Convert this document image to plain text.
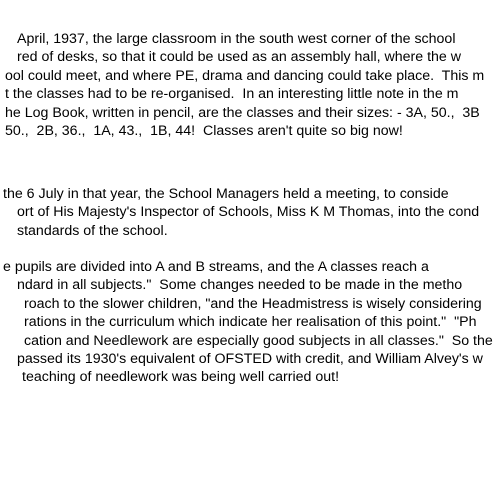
April, 1937, the large classroom in the south west corner of the school
red of desks, so that it could be used as an assembly hall, where the w
ool could meet, and where PE, drama and dancing could take place.  This m
t the classes had to be re-organised.  In an interesting little note in the m
he Log Book, written in pencil, are the classes and their sizes: - 3A, 50.,  3B
50.,  2B, 36.,  1A, 43.,  1B, 44!  Classes aren't quite so big now!
the 6 July in that year, the School Managers held a meeting, to conside
ort of His Majesty's Inspector of Schools, Miss K M Thomas, into the cond
standards of the school.
e pupils are divided into A and B streams, and the A classes reach a
ndard in all subjects."  Some changes needed to be made in the metho
roach to the slower children, "and the Headmistress is wisely considering
rations in the curriculum which indicate her realisation of this point."  "Ph
cation and Needlework are especially good subjects in all classes."  So the
passed its 1930's equivalent of OFSTED with credit, and William Alvey's w
teaching of needlework was being well carried out!
